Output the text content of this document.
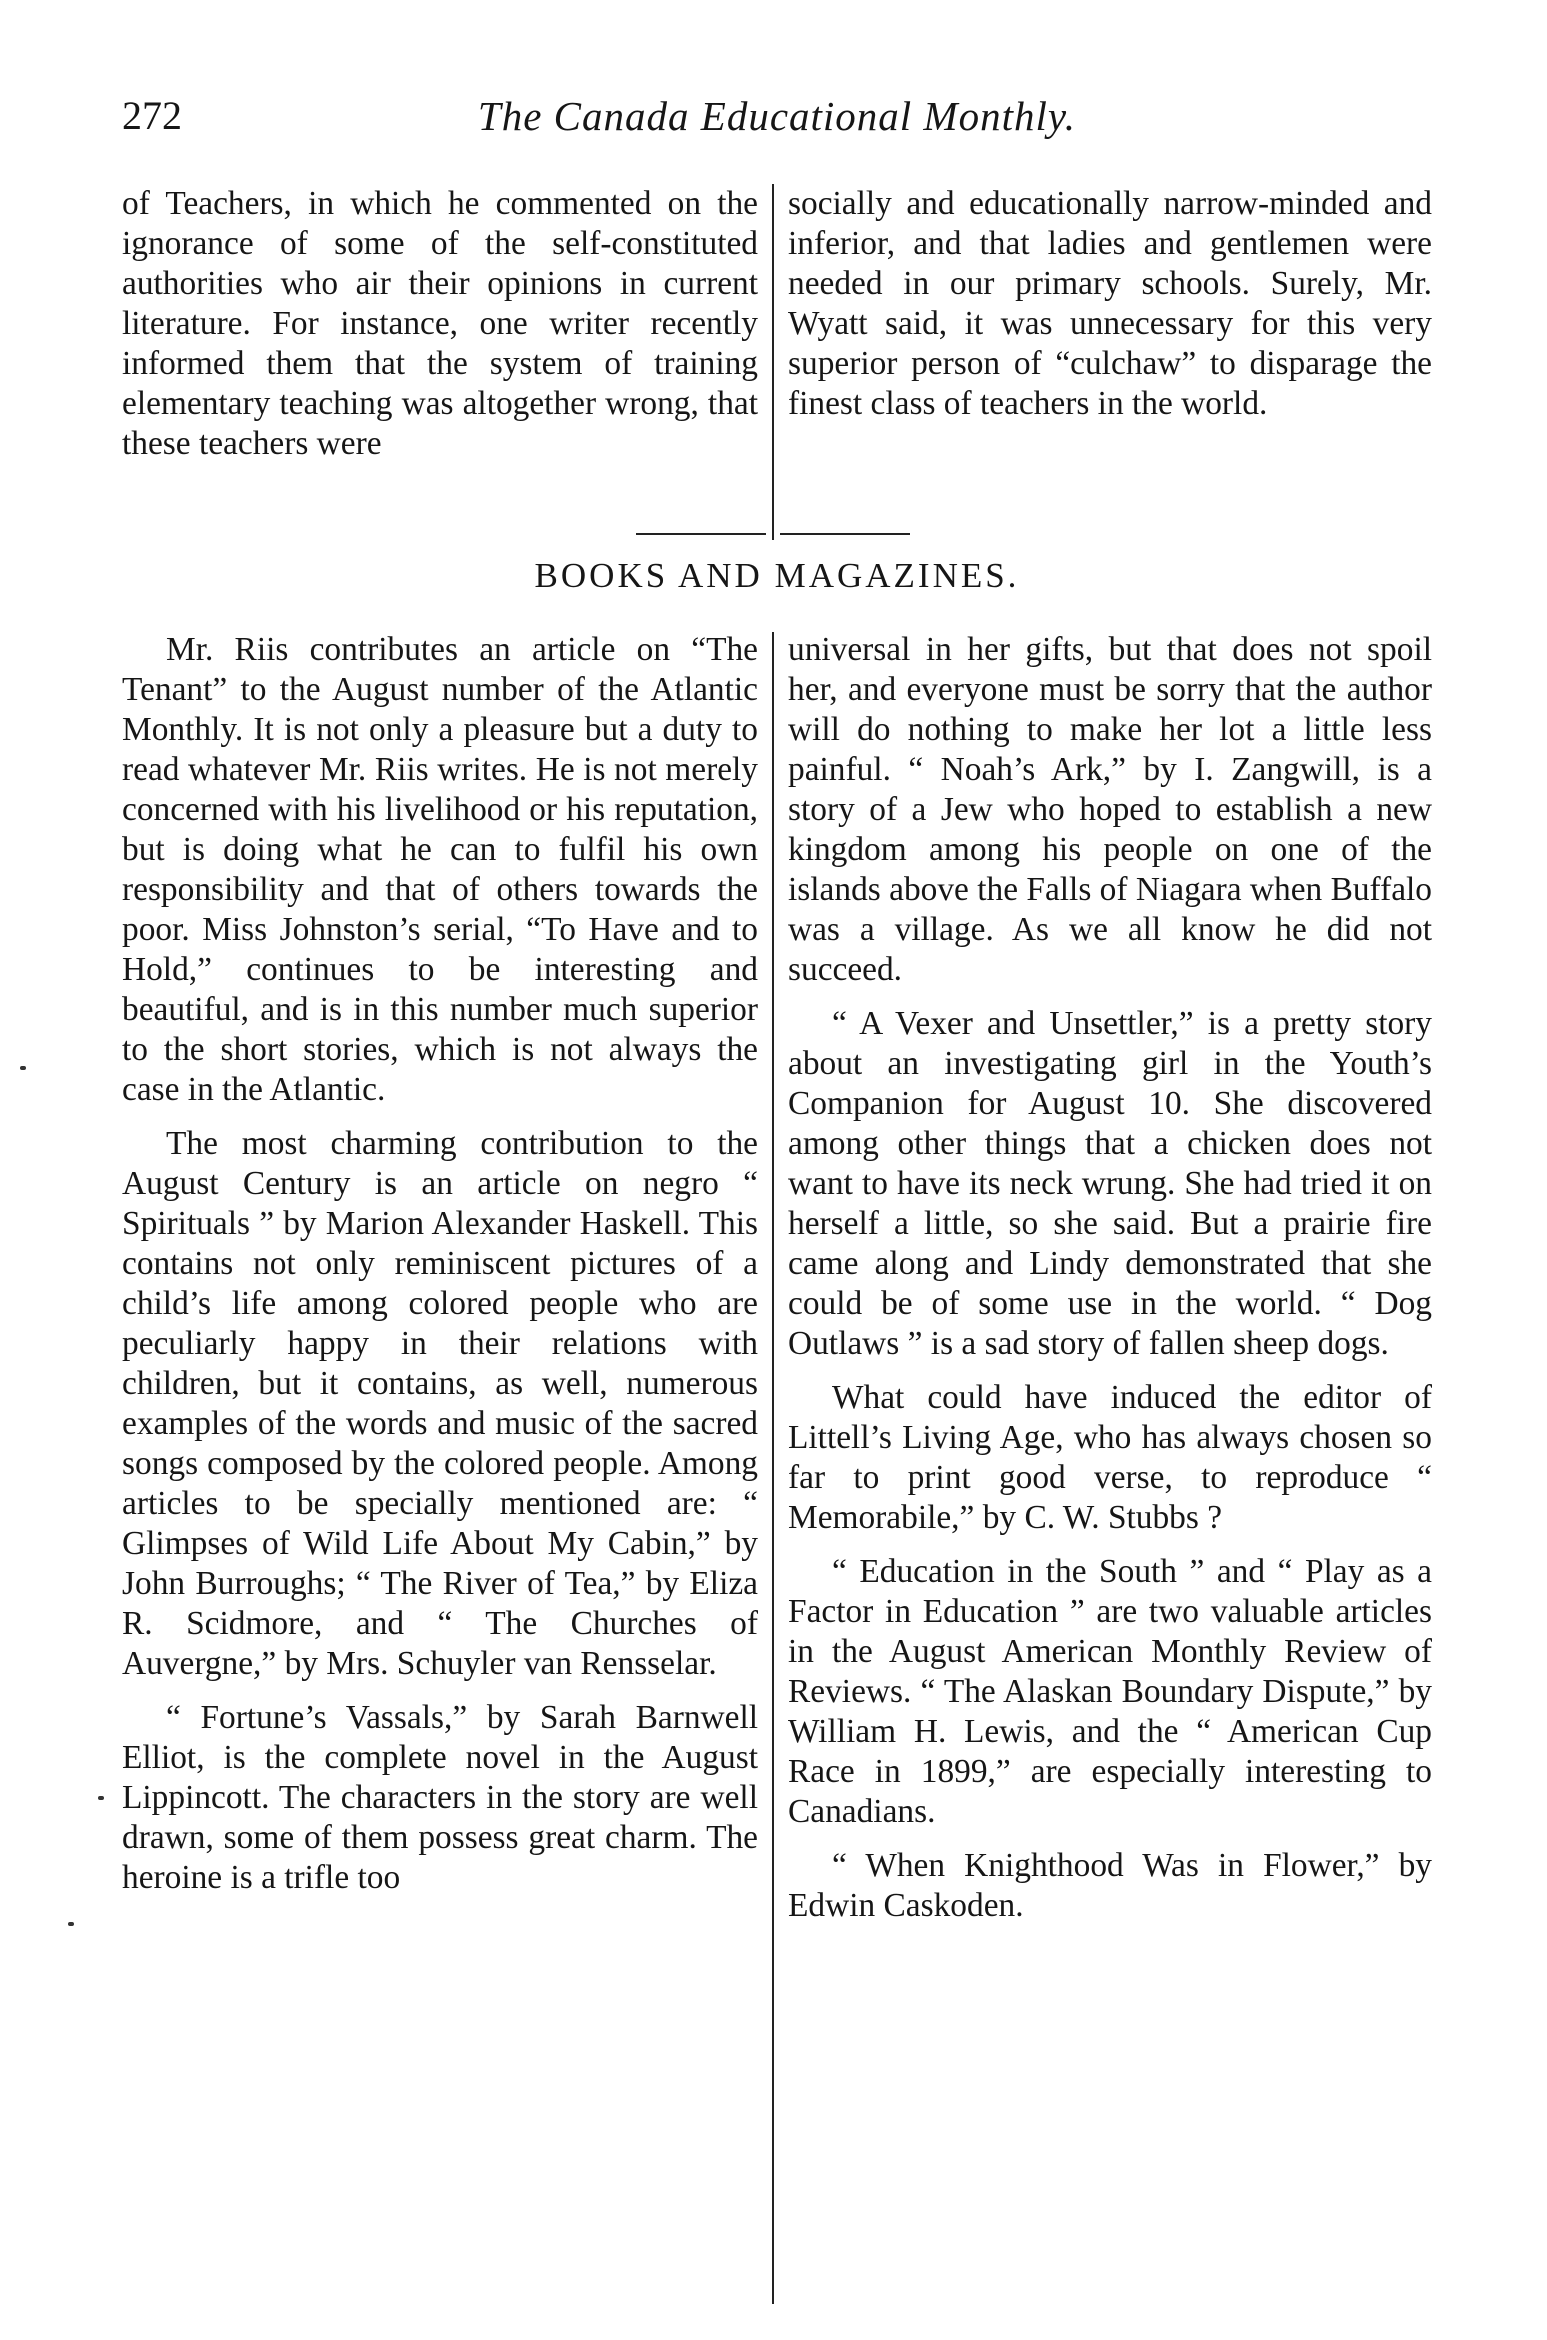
272	The Canada Educational Monthly.

of Teachers, in which he commented on the ignorance of some of the self-constituted authorities who air their opinions in current literature. For instance, one writer recently informed them that the system of training elementary teaching was altogether wrong, that these teachers were

socially and educationally narrow-minded and inferior, and that ladies and gentlemen were needed in our primary schools. Surely, Mr. Wyatt said, it was unnecessary for this very superior person of “culchaw” to disparage the finest class of teachers in the world.

BOOKS AND MAGAZINES.

Mr. Riis contributes an article on “The Tenant” to the August number of the Atlantic Monthly. It is not only a pleasure but a duty to read whatever Mr. Riis writes. He is not merely concerned with his livelihood or his reputation, but is doing what he can to fulfil his own responsibility and that of others towards the poor. Miss Johnston’s serial, “To Have and to Hold,” continues to be interesting and beautiful, and is in this number much superior to the short stories, which is not always the case in the Atlantic.

The most charming contribution to the August Century is an article on negro “ Spirituals ” by Marion Alexander Haskell. This contains not only reminiscent pictures of a child’s life among colored people who are peculiarly happy in their relations with children, but it contains, as well, numerous examples of the words and music of the sacred songs composed by the colored people. Among articles to be specially mentioned are: “ Glimpses of Wild Life About My Cabin,” by John Burroughs; “ The River of Tea,” by Eliza R. Scidmore, and “ The Churches of Auvergne,” by Mrs. Schuyler van Rensselar.

“ Fortune’s Vassals,” by Sarah Barnwell Elliot, is the complete novel in the August Lippincott. The characters in the story are well drawn, some of them possess great charm. The heroine is a trifle too

universal in her gifts, but that does not spoil her, and everyone must be sorry that the author will do nothing to make her lot a little less painful. “ Noah’s Ark,” by I. Zangwill, is a story of a Jew who hoped to establish a new kingdom among his people on one of the islands above the Falls of Niagara when Buffalo was a village. As we all know he did not succeed.

“ A Vexer and Unsettler,” is a pretty story about an investigating girl in the Youth’s Companion for August 10. She discovered among other things that a chicken does not want to have its neck wrung. She had tried it on herself a little, so she said. But a prairie fire came along and Lindy demonstrated that she could be of some use in the world. “ Dog Outlaws ” is a sad story of fallen sheep dogs.

What could have induced the editor of Littell’s Living Age, who has always chosen so far to print good verse, to reproduce “ Memorabile,” by C. W. Stubbs ?

“ Education in the South ” and “ Play as a Factor in Education ” are two valuable articles in the August American Monthly Review of Reviews. “ The Alaskan Boundary Dispute,” by William H. Lewis, and the “ American Cup Race in 1899,” are especially interesting to Canadians.

“ When Knighthood Was in Flower,” by Edwin Caskoden.
